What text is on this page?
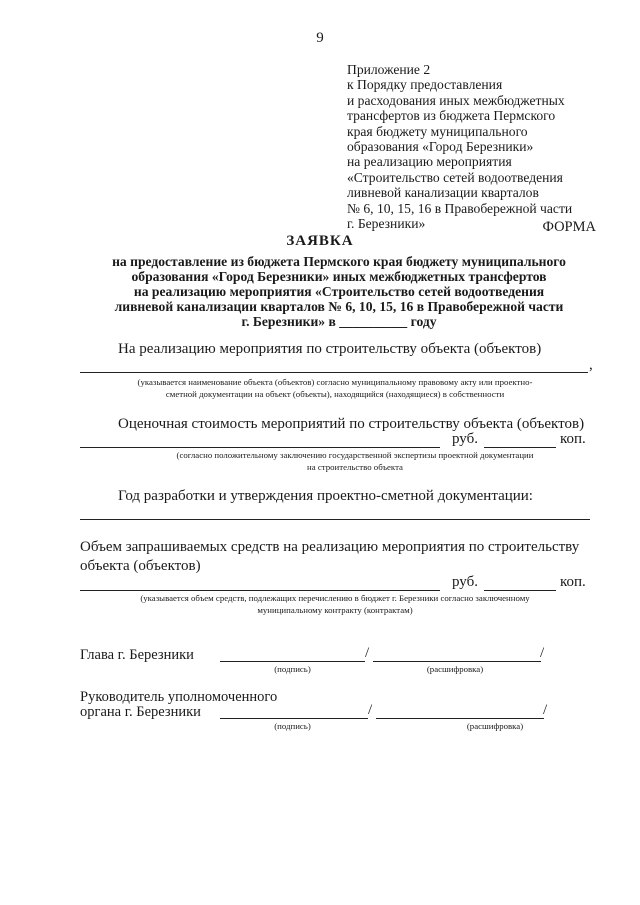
9
Приложение 2
к Порядку предоставления
и расходования иных межбюджетных
трансфертов из бюджета Пермского
края бюджету муниципального
образования «Город Березники»
на реализацию мероприятия
«Строительство сетей водоотведения
ливневой канализации кварталов
№ 6, 10, 15, 16 в Правобережной части
г. Березники»	ФОРМА
ЗАЯВКА
на предоставление из бюджета Пермского края бюджету муниципального
образования «Город Березники» иных межбюджетных трансфертов
на реализацию мероприятия «Строительство сетей водоотведения
ливневой канализации кварталов № 6, 10, 15, 16 в Правобережной части
г. Березники» в __________ году
На реализацию мероприятия по строительству объекта (объектов)
,
(указывается наименование объекта (объектов) согласно муниципальному правовому акту или проектно-
сметной документации на объект (объекты), находящийся (находящиеся) в собственности
Оценочная стоимость мероприятий по строительству объекта (объектов)
руб.	коп.
(согласно положительному заключению государственной экспертизы проектной документации
на строительство объекта
Год разработки и утверждения проектно-сметной документации:
Объем запрашиваемых средств на реализацию мероприятия по строительству
объекта (объектов)
руб.	коп.
(указывается объем средств, подлежащих перечислению в бюджет г. Березники согласно заключенному
муниципальному контракту (контрактам)
Глава г. Березники	/	/
(подпись)	(расшифровка)
Руководитель уполномоченного
органа г. Березники	/	/
(подпись)	(расшифровка)
